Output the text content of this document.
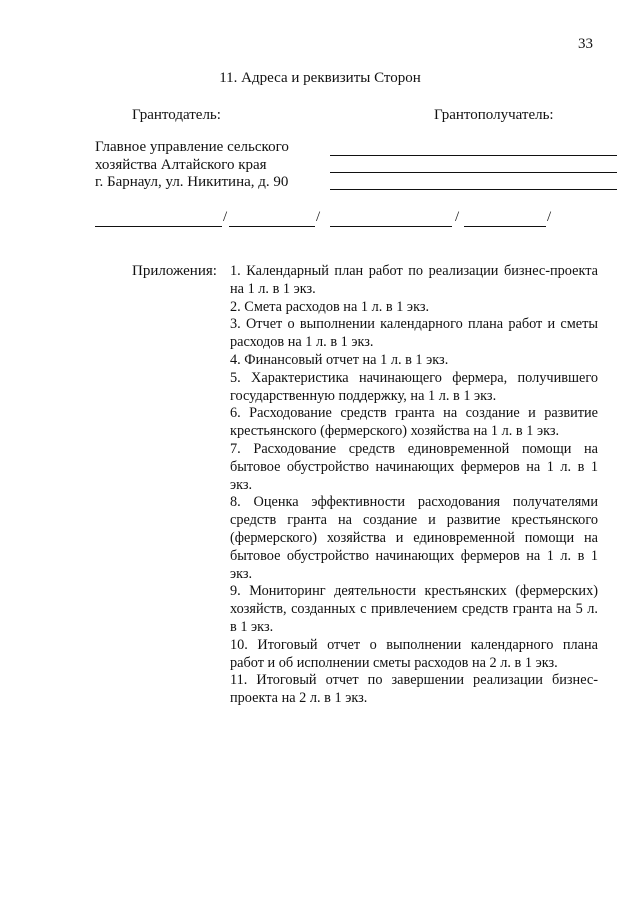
33
11. Адреса и реквизиты Сторон
Грантодатель:	Грантополучатель:
Главное управление сельского
хозяйства Алтайского края
г. Барнаул, ул. Никитина, д. 90
/	/	/	/
Приложения: 1. Календарный план работ по реализации бизнес-проекта на 1 л. в 1 экз.
2. Смета расходов на 1 л. в 1 экз.
3. Отчет о выполнении календарного плана работ и сметы расходов на 1 л. в 1 экз.
4. Финансовый отчет на 1 л. в 1 экз.
5. Характеристика начинающего фермера, получившего государственную поддержку, на 1 л. в 1 экз.
6. Расходование средств гранта на создание и развитие крестьянского (фермерского) хозяйства на 1 л. в 1 экз.
7. Расходование средств единовременной помощи на бытовое обустройство начинающих фермеров на 1 л. в 1 экз.
8. Оценка эффективности расходования получателями средств гранта на создание и развитие крестьянского (фермерского) хозяйства и единовременной помощи на бытовое обустройство начинающих фермеров на 1 л. в 1 экз.
9. Мониторинг деятельности крестьянских (фермерских) хозяйств, созданных с привлечением средств гранта на 5 л. в 1 экз.
10. Итоговый отчет о выполнении календарного плана работ и об исполнении сметы расходов на 2 л. в 1 экз.
11. Итоговый отчет по завершении реализации бизнес-проекта на 2 л. в 1 экз.
